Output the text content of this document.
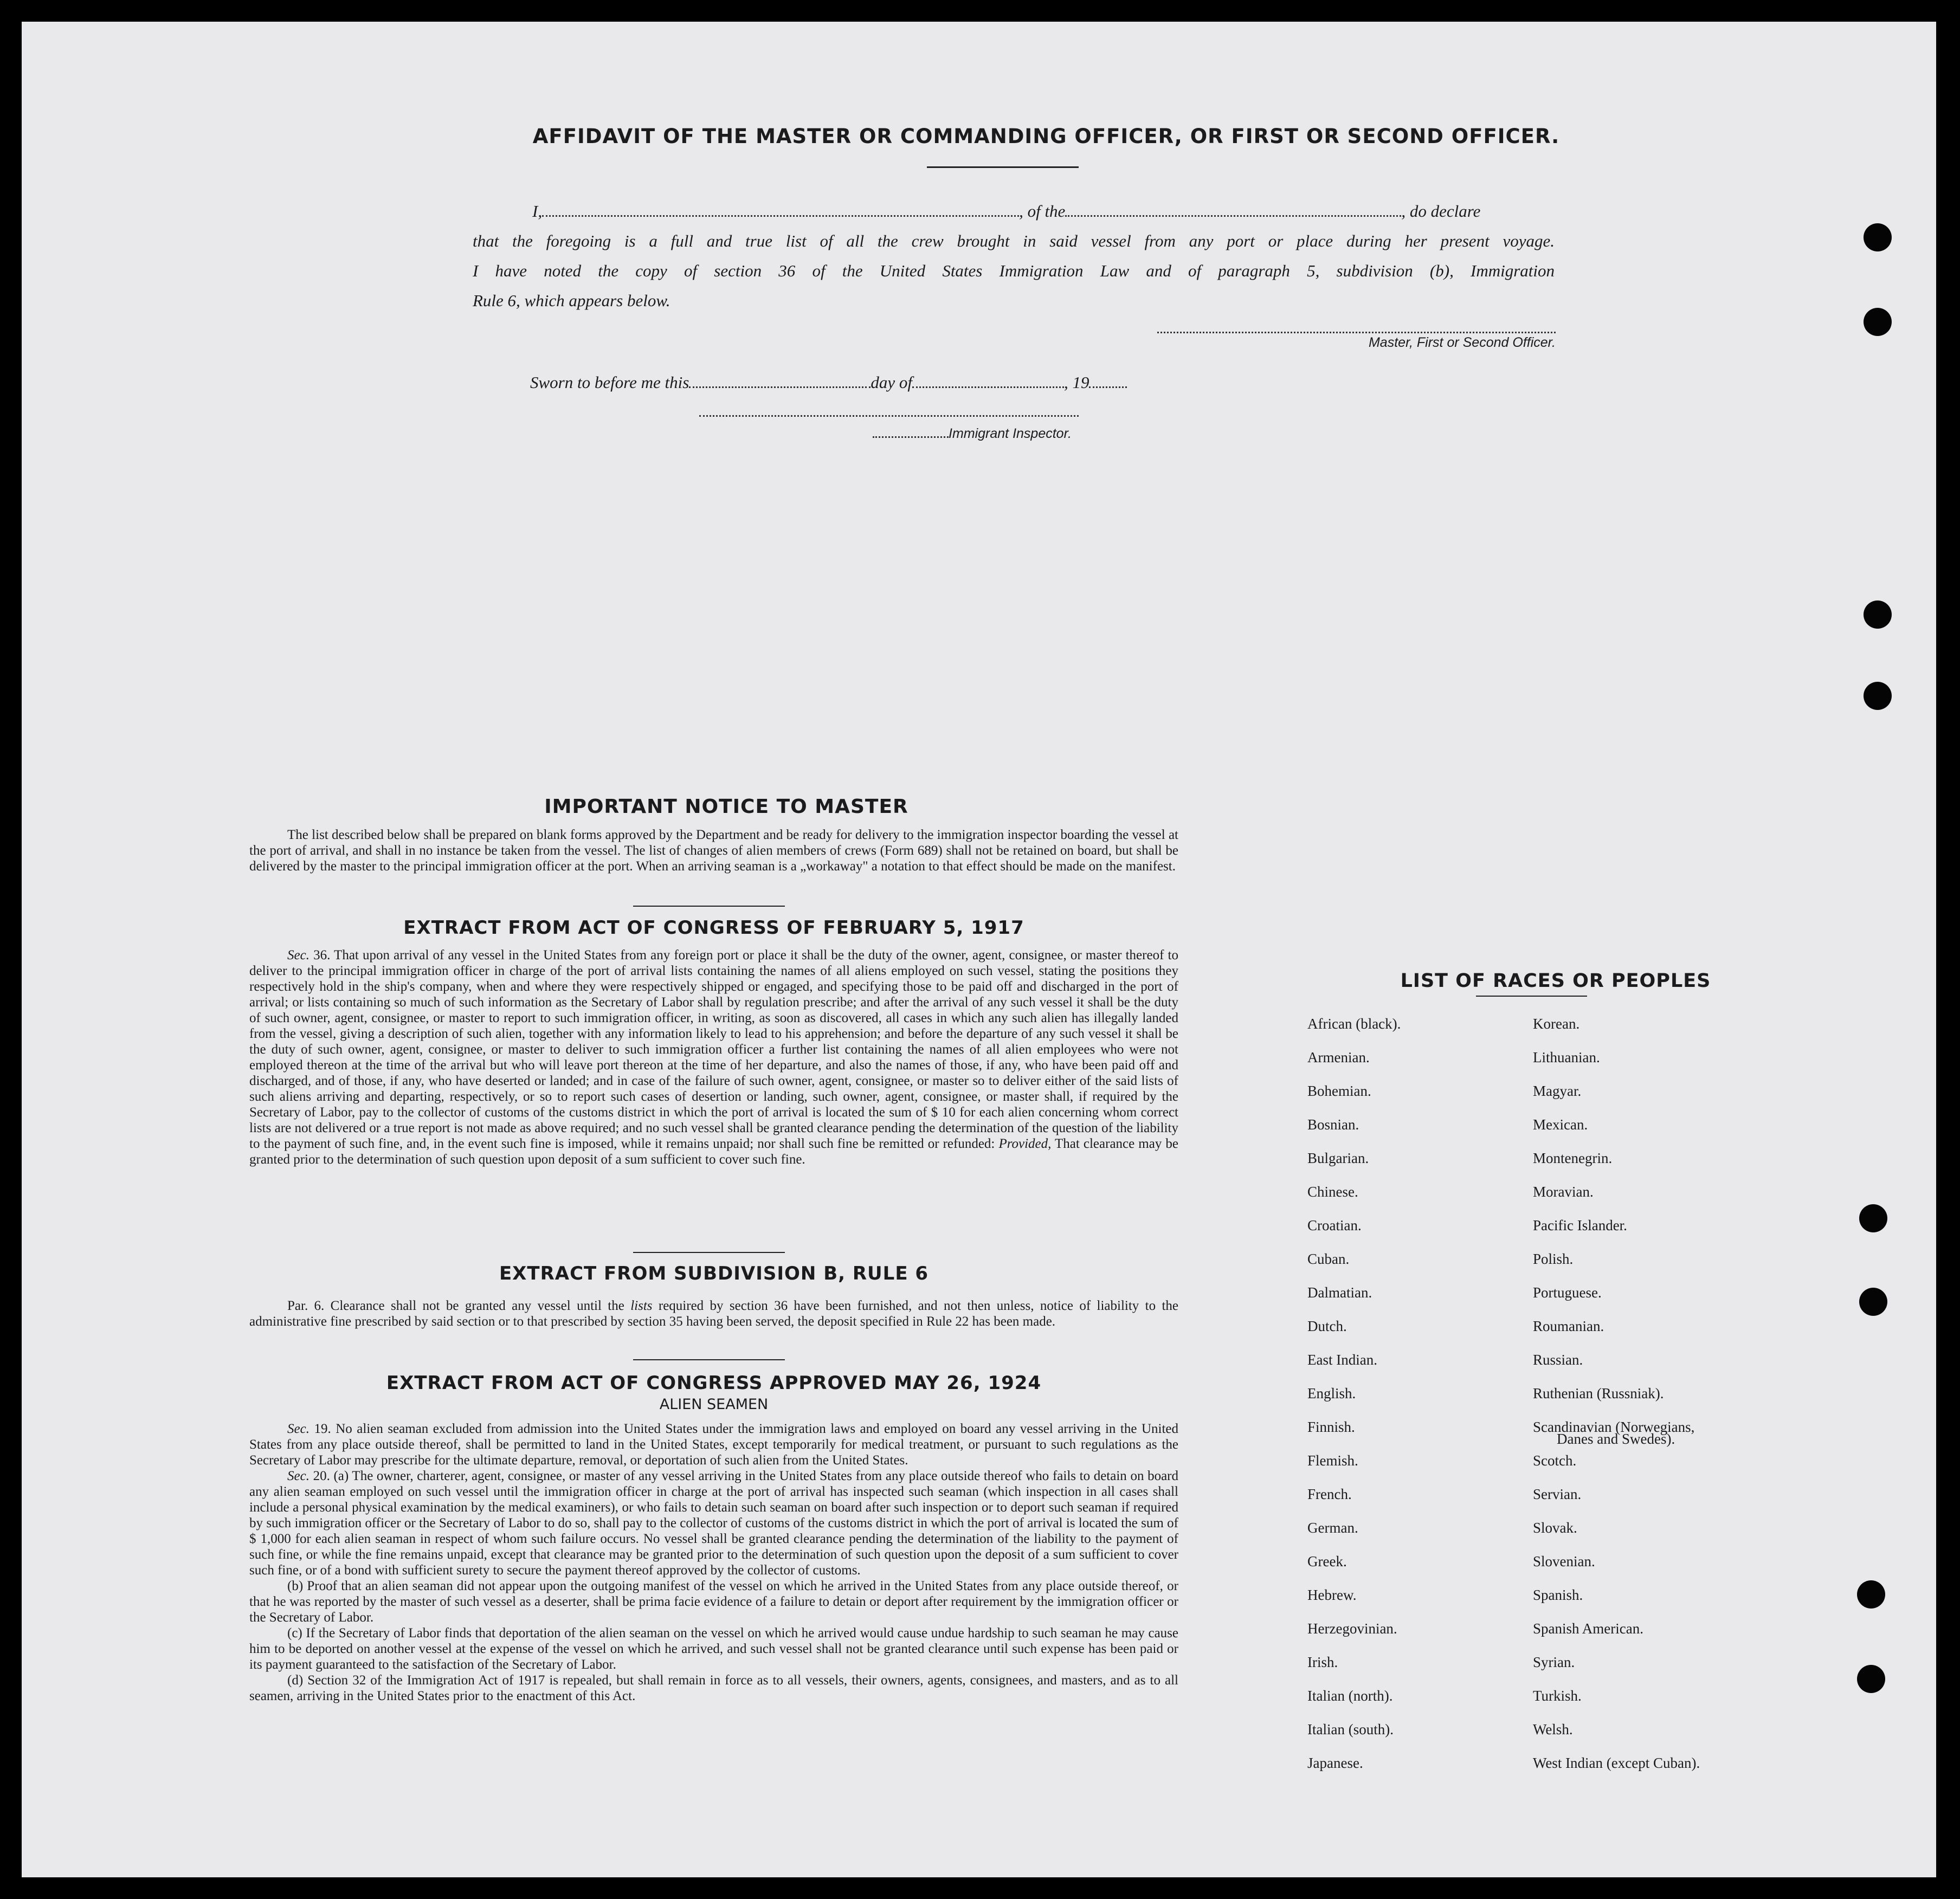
AFFIDAVIT OF THE MASTER OR COMMANDING OFFICER, OR FIRST OR SECOND OFFICER.
I,	, of the	, do declare
that the foregoing is a full and true list of all the crew brought in said vessel from any port or place during her present voyage.
I have noted the copy of section 36 of the United States Immigration Law and of paragraph 5, subdivision (b), Immigration
Rule 6, which appears below.
Master, First or Second Officer.
Sworn to before me this	day of	, 19
Immigrant Inspector.
IMPORTANT NOTICE TO MASTER

The list described below shall be prepared on blank forms approved by the Department and be ready for delivery to the immigration inspector boarding the vessel at the port of arrival, and shall in no instance be taken from the vessel. The list of changes of alien members of crews (Form 689) shall not be retained on board, but shall be delivered by the master to the principal immigration officer at the port. When an arriving seaman is a „workaway" a notation to that effect should be made on the manifest.

EXTRACT FROM ACT OF CONGRESS OF FEBRUARY 5, 1917

Sec. 36. That upon arrival of any vessel in the United States from any foreign port or place it shall be the duty of the owner, agent, consignee, or master thereof to deliver to the principal immigration officer in charge of the port of arrival lists containing the names of all aliens employed on such vessel, stating the positions they respectively hold in the ship's company, when and where they were respectively shipped or engaged, and specifying those to be paid off and discharged in the port of arrival; or lists containing so much of such information as the Secretary of Labor shall by regulation prescribe; and after the arrival of any such vessel it shall be the duty of such owner, agent, consignee, or master to report to such immigration officer, in writing, as soon as discovered, all cases in which any such alien has illegally landed from the vessel, giving a description of such alien, together with any information likely to lead to his apprehension; and before the departure of any such vessel it shall be the duty of such owner, agent, consignee, or master to deliver to such immigration officer a further list containing the names of all alien employees who were not employed thereon at the time of the arrival but who will leave port thereon at the time of her departure, and also the names of those, if any, who have been paid off and discharged, and of those, if any, who have deserted or landed; and in case of the failure of such owner, agent, consignee, or master so to deliver either of the said lists of such aliens arriving and departing, respectively, or so to report such cases of desertion or landing, such owner, agent, consignee, or master shall, if required by the Secretary of Labor, pay to the collector of customs of the customs district in which the port of arrival is located the sum of $ 10 for each alien concerning whom correct lists are not delivered or a true report is not made as above required; and no such vessel shall be granted clearance pending the determination of the question of the liability to the payment of such fine, and, in the event such fine is imposed, while it remains unpaid; nor shall such fine be remitted or refunded: Provided, That clearance may be granted prior to the determination of such question upon deposit of a sum sufficient to cover such fine.

EXTRACT FROM SUBDIVISION B, RULE 6

Par. 6. Clearance shall not be granted any vessel until the lists required by section 36 have been furnished, and not then unless, notice of liability to the administrative fine prescribed by said section or to that prescribed by section 35 having been served, the deposit specified in Rule 22 has been made.

EXTRACT FROM ACT OF CONGRESS APPROVED MAY 26, 1924
ALIEN SEAMEN

Sec. 19. No alien seaman excluded from admission into the United States under the immigration laws and employed on board any vessel arriving in the United States from any place outside thereof, shall be permitted to land in the United States, except temporarily for medical treatment, or pursuant to such regulations as the Secretary of Labor may prescribe for the ultimate departure, removal, or deportation of such alien from the United States.

Sec. 20. (a) The owner, charterer, agent, consignee, or master of any vessel arriving in the United States from any place outside thereof who fails to detain on board any alien seaman employed on such vessel until the immigration officer in charge at the port of arrival has inspected such seaman (which inspection in all cases shall include a personal physical examination by the medical examiners), or who fails to detain such seaman on board after such inspection or to deport such seaman if required by such immigration officer or the Secretary of Labor to do so, shall pay to the collector of customs of the customs district in which the port of arrival is located the sum of $ 1,000 for each alien seaman in respect of whom such failure occurs. No vessel shall be granted clearance pending the determination of the liability to the payment of such fine, or while the fine remains unpaid, except that clearance may be granted prior to the determination of such question upon the deposit of a sum sufficient to cover such fine, or of a bond with sufficient surety to secure the payment thereof approved by the collector of customs.

(b) Proof that an alien seaman did not appear upon the outgoing manifest of the vessel on which he arrived in the United States from any place outside thereof, or that he was reported by the master of such vessel as a deserter, shall be prima facie evidence of a failure to detain or deport after requirement by the immigration officer or the Secretary of Labor.

(c) If the Secretary of Labor finds that deportation of the alien seaman on the vessel on which he arrived would cause undue hardship to such seaman he may cause him to be deported on another vessel at the expense of the vessel on which he arrived, and such vessel shall not be granted clearance until such expense has been paid or its payment guaranteed to the satisfaction of the Secretary of Labor.

(d) Section 32 of the Immigration Act of 1917 is repealed, but shall remain in force as to all vessels, their owners, agents, consignees, and masters, and as to all seamen, arriving in the United States prior to the enactment of this Act.

LIST OF RACES OR PEOPLES
African (black).
Armenian.
Bohemian.
Bosnian.
Bulgarian.
Chinese.
Croatian.
Cuban.
Dalmatian.
Dutch.
East Indian.
English.
Finnish.
Flemish.
French.
German.
Greek.
Hebrew.
Herzegovinian.
Irish.
Italian (north).
Italian (south).
Japanese.
Korean.
Lithuanian.
Magyar.
Mexican.
Montenegrin.
Moravian.
Pacific Islander.
Polish.
Portuguese.
Roumanian.
Russian.
Ruthenian (Russniak).
Scandinavian (Norwegians,
Scotch.
Servian.
Slovak.
Slovenian.
Spanish.
Spanish American.
Syrian.
Turkish.
Welsh.
West Indian (except Cuban).
Danes and Swedes).
